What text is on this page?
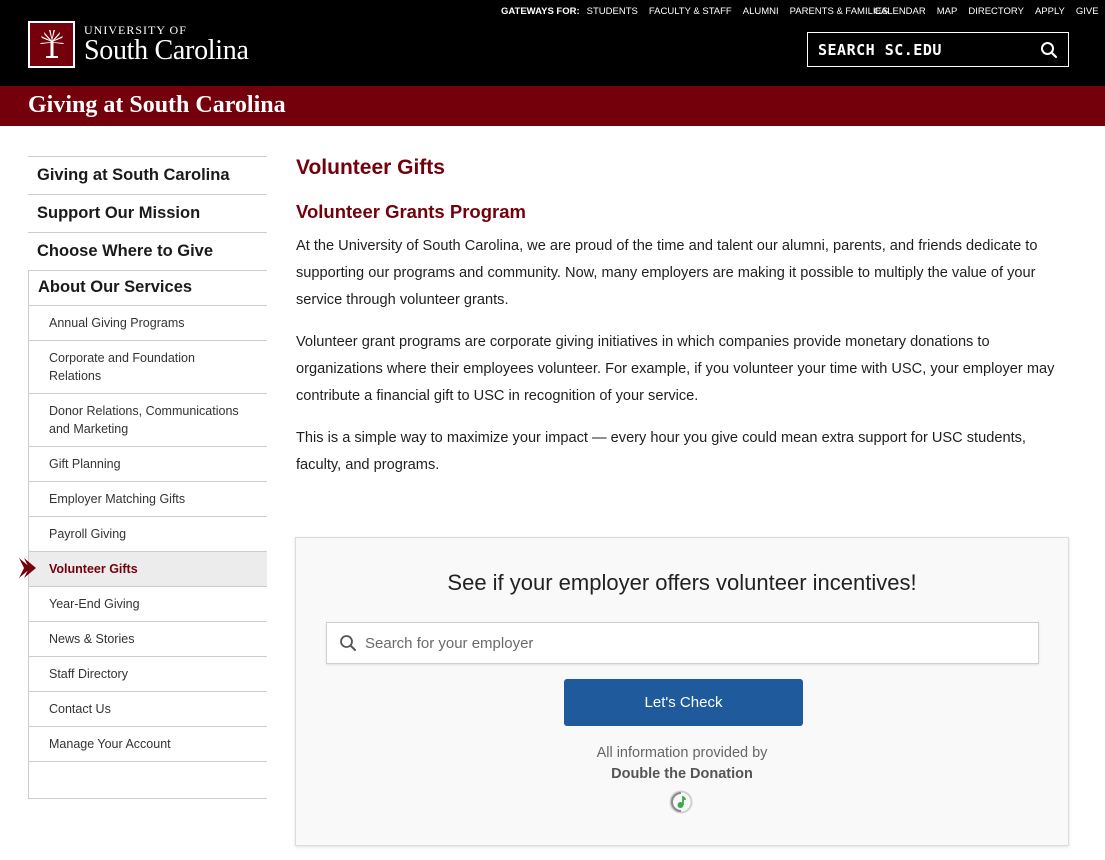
UNIVERSITY OF
South Carolina
GATEWAYS FOR: STUDENTS FACULTY & STAFF ALUMNI PARENTS & FAMILIES
CALENDAR MAP DIRECTORY APPLY GIVE
SEARCH SC.EDU
Giving at South Carolina
Giving at South Carolina
Support Our Mission
Choose Where to Give
About Our Services
Annual Giving Programs
Corporate and Foundation Relations
Donor Relations, Communications and Marketing
Gift Planning
Employer Matching Gifts
Payroll Giving
Volunteer Gifts
Year-End Giving
News & Stories
Staff Directory
Contact Us
Manage Your Account
Volunteer Gifts
Volunteer Grants Program

At the University of South Carolina, we are proud of the time and talent our alumni, parents, and friends dedicate to supporting our programs and community. Now, many employers are making it possible to multiply the value of your service through volunteer grants.

Volunteer grant programs are corporate giving initiatives in which companies provide monetary donations to organizations where their employees volunteer. For example, if you volunteer your time with USC, your employer may contribute a financial gift to USC in recognition of your service.

This is a simple way to maximize your impact — every hour you give could mean extra support for USC students, faculty, and programs.

See if your employer offers volunteer incentives!
Search for your employer
Let's Check
All information provided by
Double the Donation
